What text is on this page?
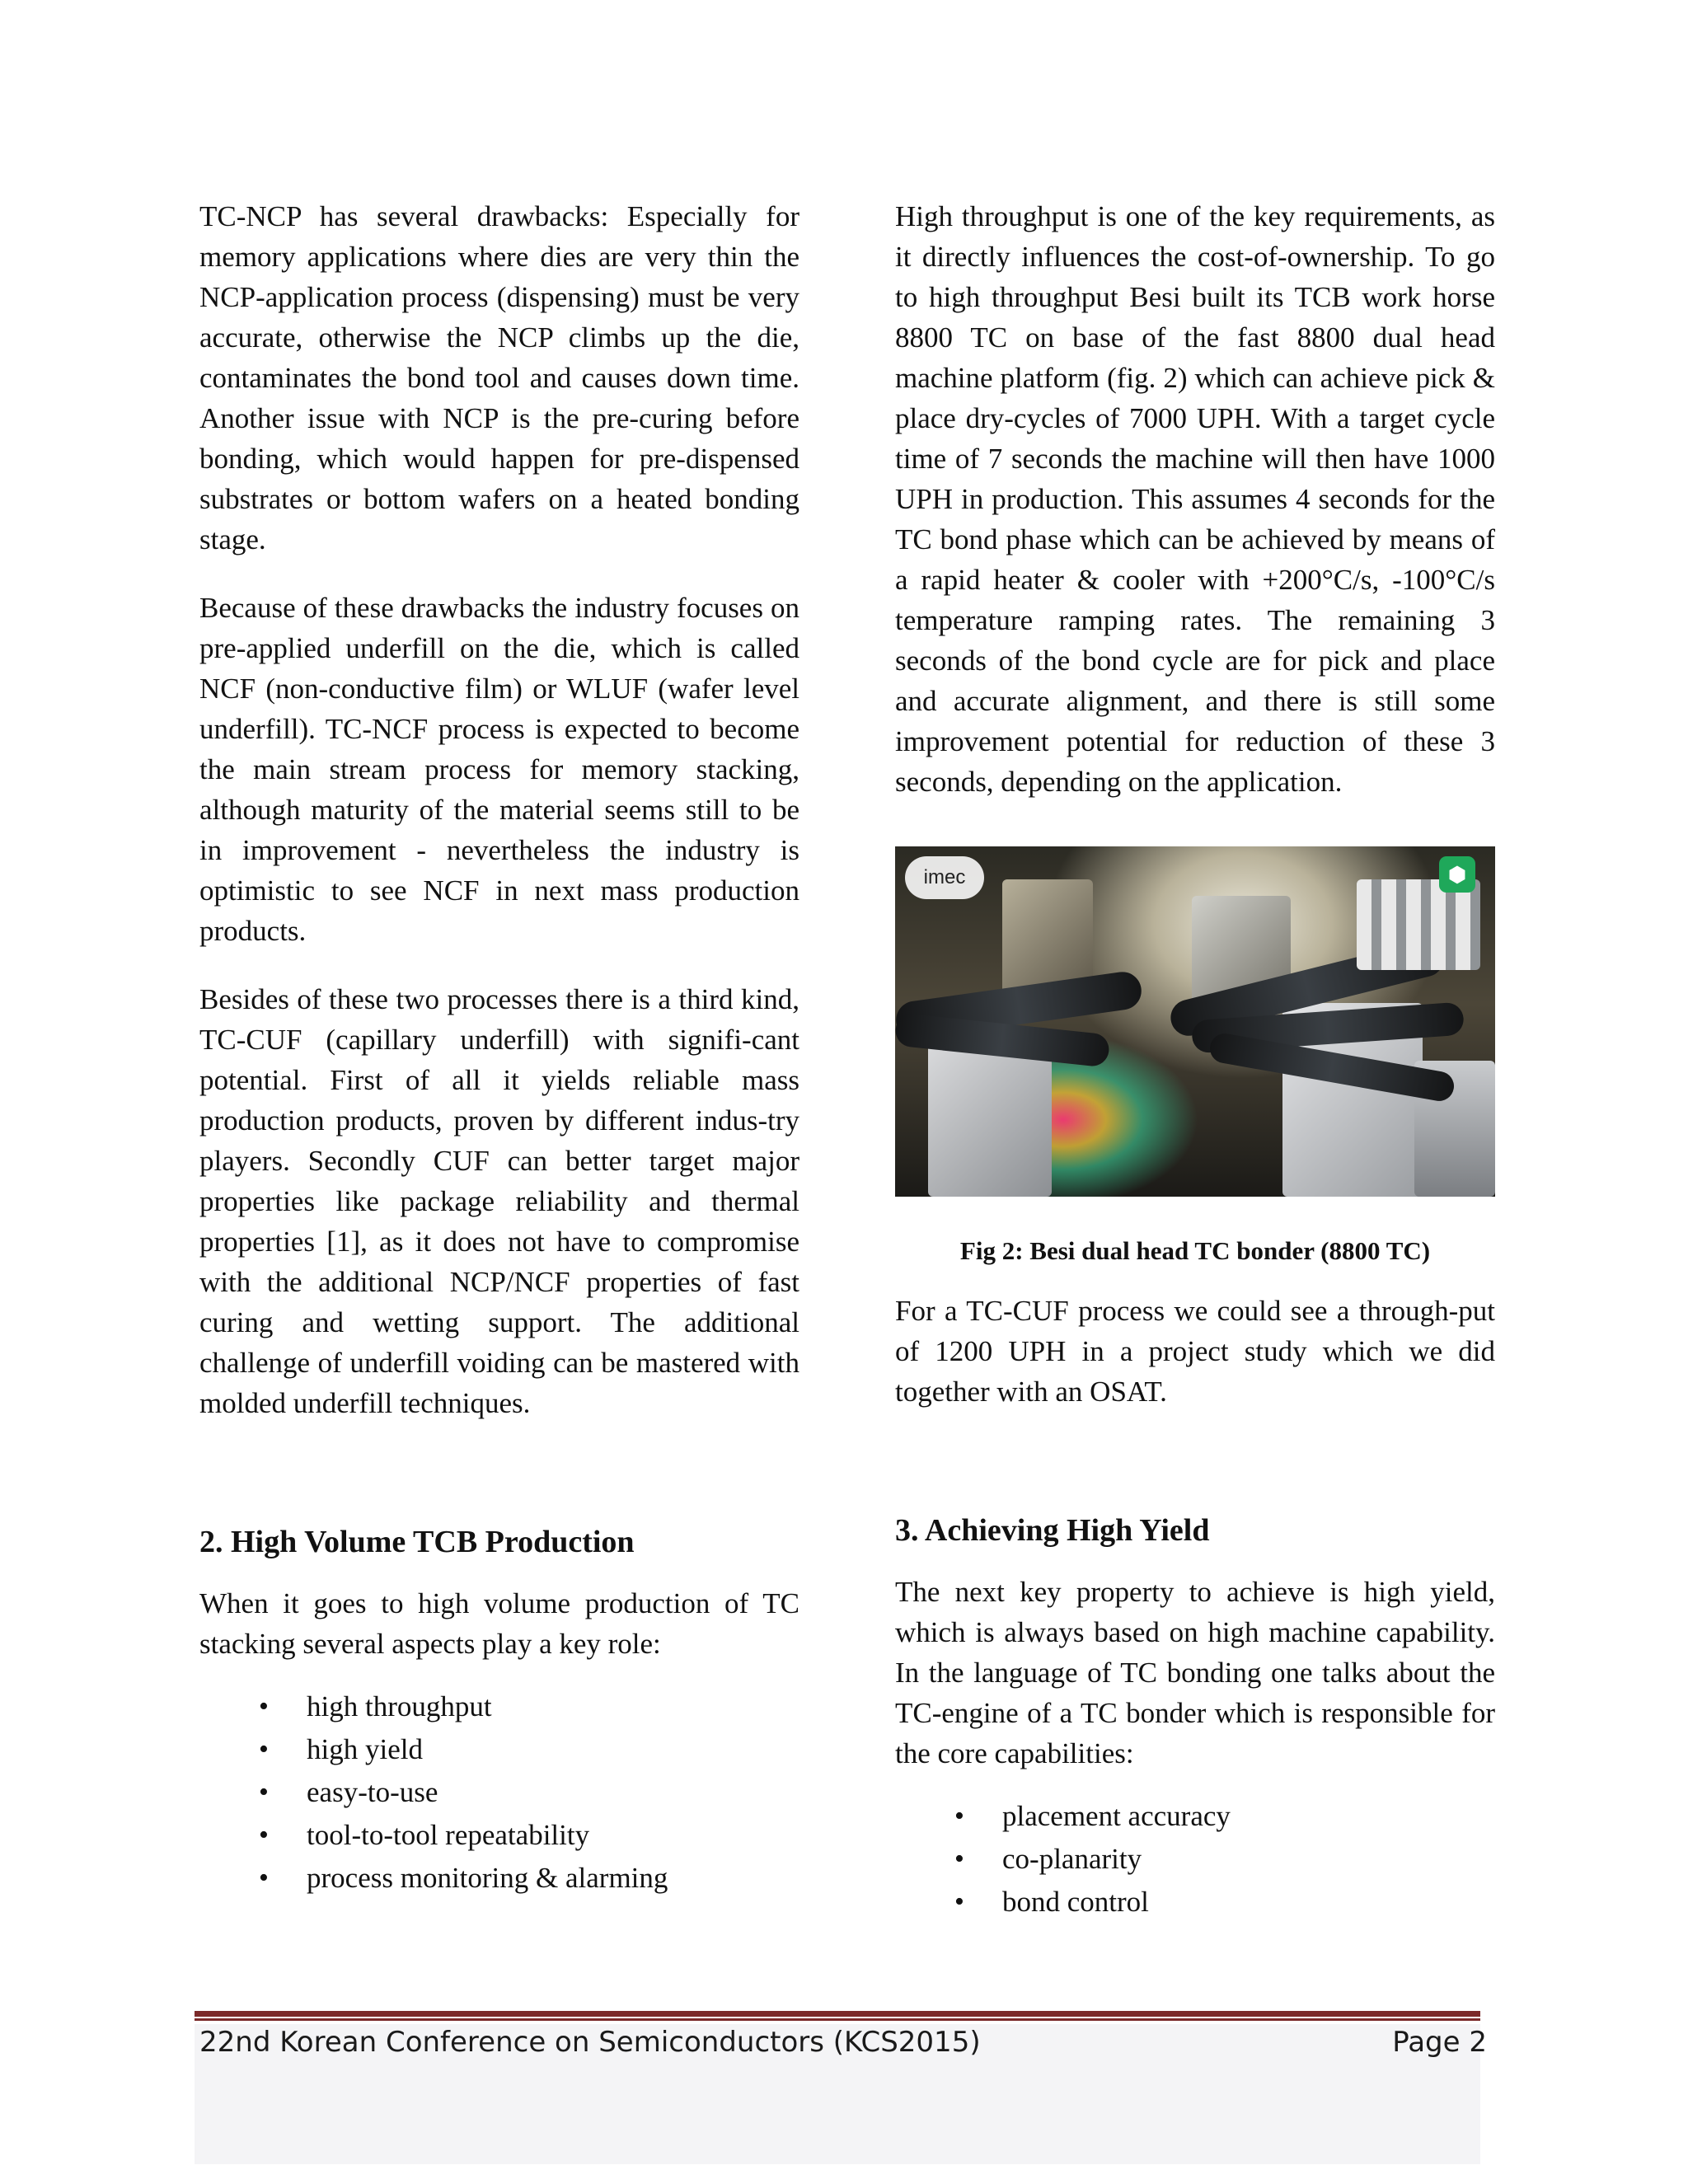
TC-NCP has several drawbacks: Especially for memory applications where dies are very thin the NCP-application process (dispensing) must be very accurate, otherwise the NCP climbs up the die, contaminates the bond tool and causes down time. Another issue with NCP is the pre-curing before bonding, which would happen for pre-dispensed substrates or bottom wafers on a heated bonding stage.

Because of these drawbacks the industry focuses on pre-applied underfill on the die, which is called NCF (non-conductive film) or WLUF (wafer level underfill). TC-NCF process is expected to become the main stream process for memory stacking, although maturity of the material seems still to be in improvement - nevertheless the industry is optimistic to see NCF in next mass production products.

Besides of these two processes there is a third kind, TC-CUF (capillary underfill) with signifi-cant potential. First of all it yields reliable mass production products, proven by different indus-try players. Secondly CUF can better target major properties like package reliability and thermal properties [1], as it does not have to compromise with the additional NCP/NCF properties of fast curing and wetting support. The additional challenge of underfill voiding can be mastered with molded underfill techniques.

2. High Volume TCB Production

When it goes to high volume production of TC stacking several aspects play a key role:

• high throughput
• high yield
• easy-to-use
• tool-to-tool repeatability
• process monitoring & alarming

High throughput is one of the key requirements, as it directly influences the cost-of-ownership. To go to high throughput Besi built its TCB work horse 8800 TC on base of the fast 8800 dual head machine platform (fig. 2) which can achieve pick & place dry-cycles of 7000 UPH. With a target cycle time of 7 seconds the machine will then have 1000 UPH in production. This assumes 4 seconds for the TC bond phase which can be achieved by means of a rapid heater & cooler with +200°C/s, -100°C/s temperature ramping rates. The remaining 3 seconds of the bond cycle are for pick and place and accurate alignment, and there is still some improvement potential for reduction of these 3 seconds, depending on the application.

imec	⬢
Fig 2: Besi dual head TC bonder (8800 TC)

For a TC-CUF process we could see a through-put of 1200 UPH in a project study which we did together with an OSAT.

3. Achieving High Yield

The next key property to achieve is high yield, which is always based on high machine capability. In the language of TC bonding one talks about the TC-engine of a TC bonder which is responsible for the core capabilities:

• placement accuracy
• co-planarity
• bond control
22nd Korean Conference on Semiconductors (KCS2015)	Page 2
